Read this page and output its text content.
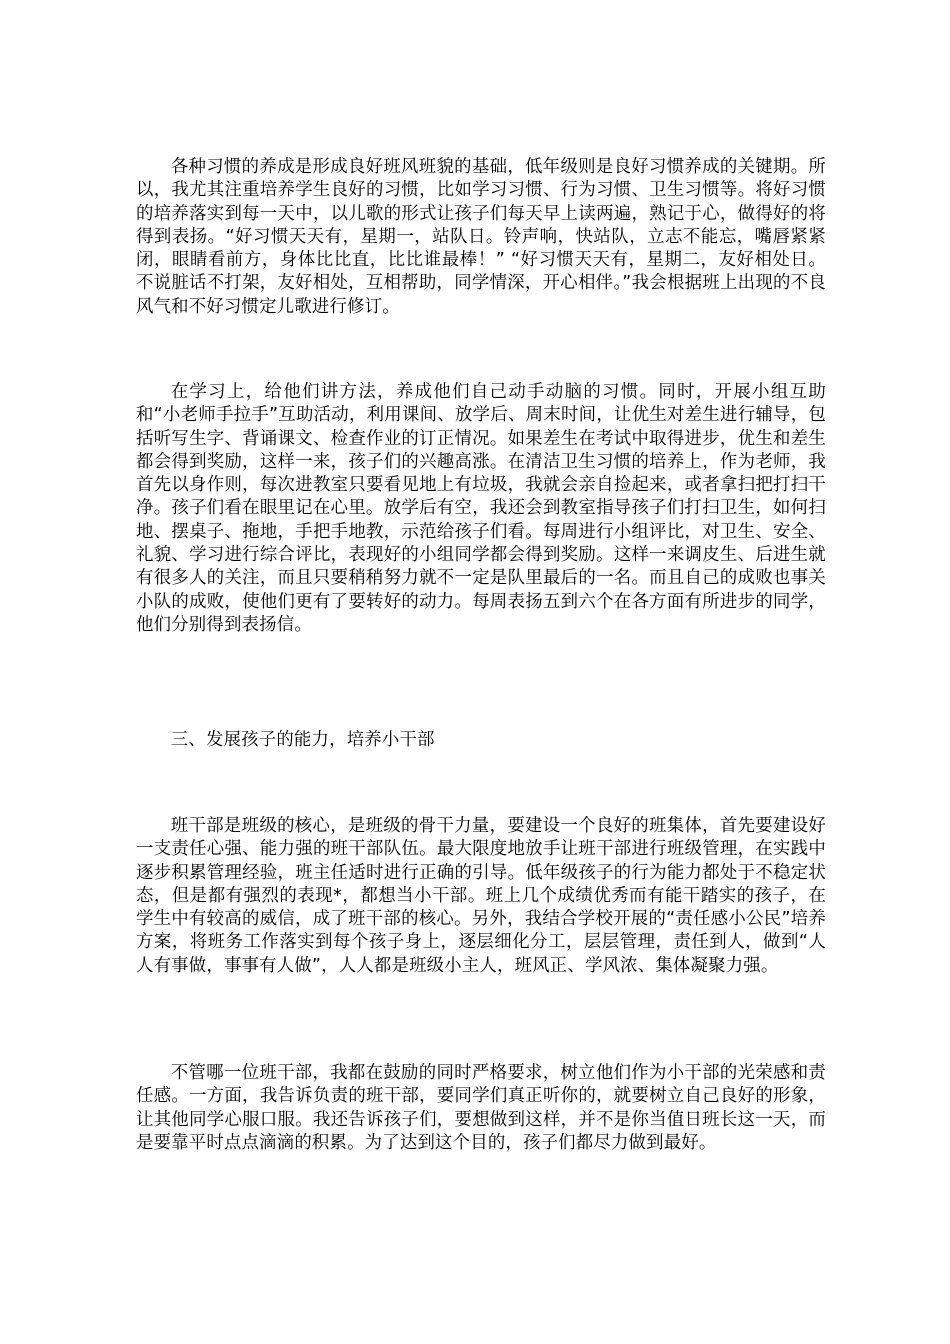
各种习惯的养成是形成良好班风班貌的基础，低年级则是良好习惯养成的关键期。所以，我尤其注重培养学生良好的习惯，比如学习习惯、行为习惯、卫生习惯等。将好习惯的培养落实到每一天中，以儿歌的形式让孩子们每天早上读两遍，熟记于心，做得好的将得到表扬。“好习惯天天有，星期一，站队日。铃声响，快站队，立志不能忘，嘴唇紧紧闭，眼睛看前方，身体比比直，比比谁最棒！” “好习惯天天有，星期二，友好相处日。不说脏话不打架，友好相处，互相帮助，同学情深，开心相伴。”我会根据班上出现的不良风气和不好习惯定儿歌进行修订。

在学习上，给他们讲方法，养成他们自己动手动脑的习惯。同时，开展小组互助和“小老师手拉手”互助活动，利用课间、放学后、周末时间，让优生对差生进行辅导，包括听写生字、背诵课文、检查作业的订正情况。如果差生在考试中取得进步，优生和差生都会得到奖励，这样一来，孩子们的兴趣高涨。在清洁卫生习惯的培养上，作为老师，我首先以身作则，每次进教室只要看见地上有垃圾，我就会亲自捡起来，或者拿扫把打扫干净。孩子们看在眼里记在心里。放学后有空，我还会到教室指导孩子们打扫卫生，如何扫地、摆桌子、拖地，手把手地教，示范给孩子们看。每周进行小组评比，对卫生、安全、礼貌、学习进行综合评比，表现好的小组同学都会得到奖励。这样一来调皮生、后进生就有很多人的关注，而且只要稍稍努力就不一定是队里最后的一名。而且自己的成败也事关小队的成败，使他们更有了要转好的动力。每周表扬五到六个在各方面有所进步的同学，他们分别得到表扬信。

三、发展孩子的能力，培养小干部

班干部是班级的核心，是班级的骨干力量，要建设一个良好的班集体，首先要建设好一支责任心强、能力强的班干部队伍。最大限度地放手让班干部进行班级管理，在实践中逐步积累管理经验，班主任适时进行正确的引导。低年级孩子的行为能力都处于不稳定状态，但是都有强烈的表现*，都想当小干部。班上几个成绩优秀而有能干踏实的孩子，在学生中有较高的威信，成了班干部的核心。另外，我结合学校开展的“责任感小公民”培养方案，将班务工作落实到每个孩子身上，逐层细化分工，层层管理，责任到人，做到“人人有事做，事事有人做”，人人都是班级小主人，班风正、学风浓、集体凝聚力强。

不管哪一位班干部，我都在鼓励的同时严格要求，树立他们作为小干部的光荣感和责任感。一方面，我告诉负责的班干部，要同学们真正听你的，就要树立自己良好的形象，让其他同学心服口服。我还告诉孩子们，要想做到这样，并不是你当值日班长这一天，而是要靠平时点点滴滴的积累。为了达到这个目的，孩子们都尽力做到最好。
